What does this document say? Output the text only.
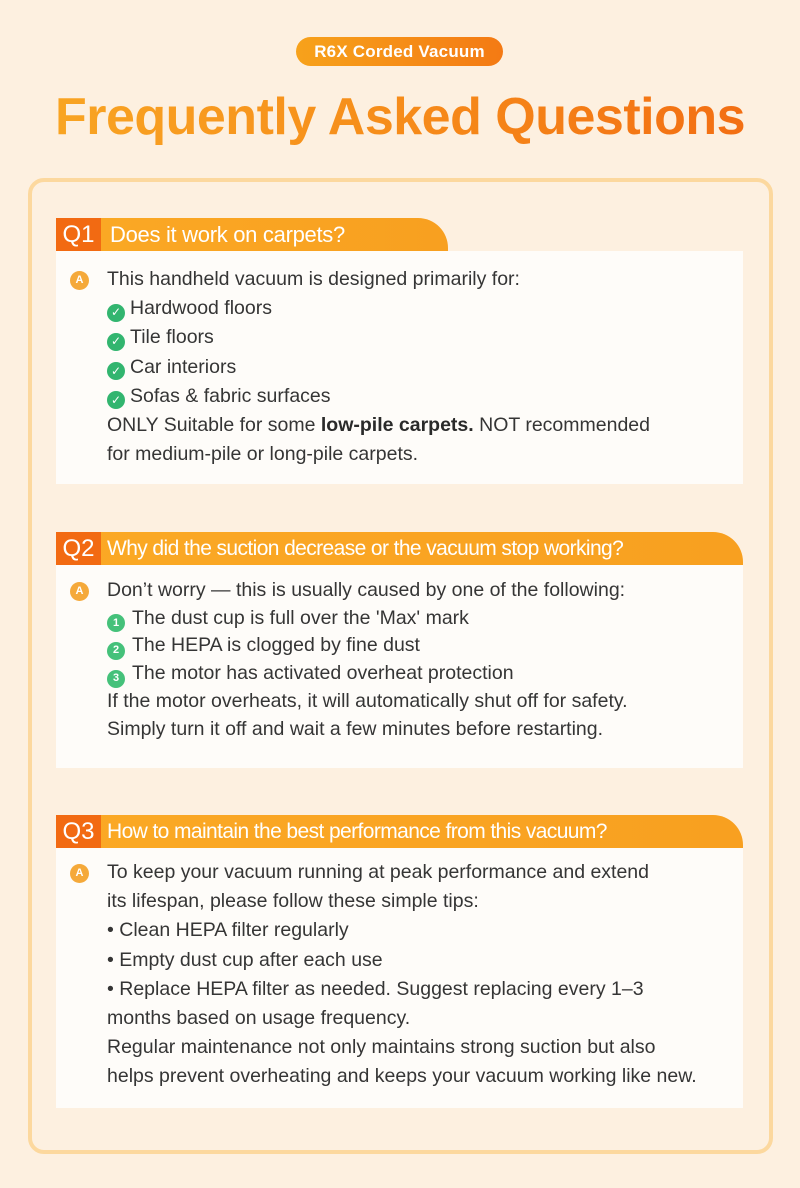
R6X Corded Vacuum
Frequently Asked Questions
Q1 Does it work on carpets?
A This handheld vacuum is designed primarily for:
✓ Hardwood floors
✓ Tile floors
✓ Car interiors
✓ Sofas & fabric surfaces
ONLY Suitable for some low-pile carpets. NOT recommended
for medium-pile or long-pile carpets.
Q2 Why did the suction decrease or the vacuum stop working?
A Don’t worry — this is usually caused by one of the following:
1 The dust cup is full over the 'Max' mark
2 The HEPA is clogged by fine dust
3 The motor has activated overheat protection
If the motor overheats, it will automatically shut off for safety.
Simply turn it off and wait a few minutes before restarting.
Q3 How to maintain the best performance from this vacuum?
A To keep your vacuum running at peak performance and extend
its lifespan, please follow these simple tips:
• Clean HEPA filter regularly
• Empty dust cup after each use
• Replace HEPA filter as needed. Suggest replacing every 1–3
months based on usage frequency.
Regular maintenance not only maintains strong suction but also
helps prevent overheating and keeps your vacuum working like new.
